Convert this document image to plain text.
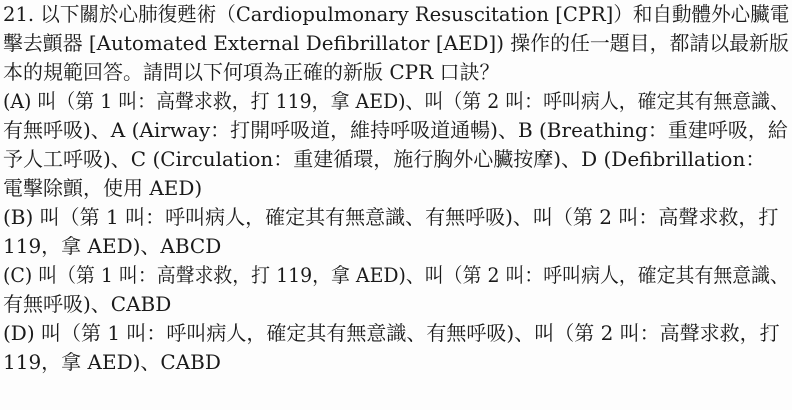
21. 以下關於心肺復甦術（Cardiopulmonary Resuscitation [CPR]）和自動體外心臟電
擊去顫器 [Automated External Defibrillator [AED]) 操作的任一題目，都請以最新版
本的規範回答。請問以下何項為正確的新版 CPR 口訣？
(A) 叫（第 1 叫：高聲求救，打 119，拿 AED)、叫（第 2 叫：呼叫病人，確定其有無意識、
有無呼吸)、A (Airway：打開呼吸道，維持呼吸道通暢)、B (Breathing：重建呼吸，給
予人工呼吸)、C (Circulation：重建循環，施行胸外心臟按摩)、D (Defibrillation：
電擊除顫，使用 AED)
(B) 叫（第 1 叫：呼叫病人，確定其有無意識、有無呼吸)、叫（第 2 叫：高聲求救，打
119，拿 AED)、ABCD
(C) 叫（第 1 叫：高聲求救，打 119，拿 AED)、叫（第 2 叫：呼叫病人，確定其有無意識、
有無呼吸)、CABD
(D) 叫（第 1 叫：呼叫病人，確定其有無意識、有無呼吸)、叫（第 2 叫：高聲求救，打
119，拿 AED)、CABD
